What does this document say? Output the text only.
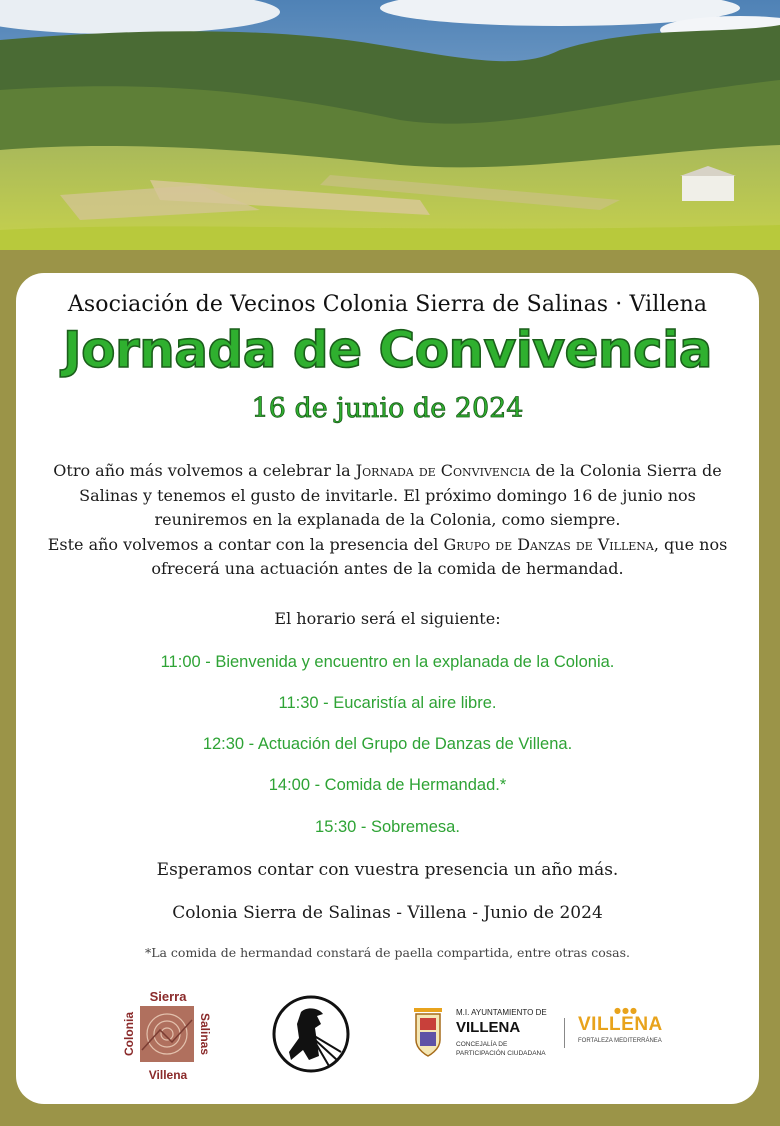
Asociación de Vecinos Colonia Sierra de Salinas · Villena
Jornada de Convivencia
16 de junio de 2024
Otro año más volvemos a celebrar la Jornada de Convivencia de la Colonia Sierra de Salinas y tenemos el gusto de invitarle. El próximo domingo 16 de junio nos reuniremos en la explanada de la Colonia, como siempre.
Este año volvemos a contar con la presencia del Grupo de Danzas de Villena, que nos ofrecerá una actuación antes de la comida de hermandad.
El horario será el siguiente:
11:00 - Bienvenida y encuentro en la explanada de la Colonia.
11:30 - Eucaristía al aire libre.
12:30 - Actuación del Grupo de Danzas de Villena.
14:00 - Comida de Hermandad.*
15:30 - Sobremesa.
Esperamos contar con vuestra presencia un año más.
Colonia Sierra de Salinas - Villena - Junio de 2024
*La comida de hermandad constará de paella compartida, entre otras cosas.
Sierra
Villena
Colonia	Salinas
M.I. AYUNTAMIENTO DE
VILLENA
CONCEJALÍA DE
PARTICIPACIÓN CIUDADANA
●●●
VILLENA
FORTALEZA MEDITERRÁNEA
